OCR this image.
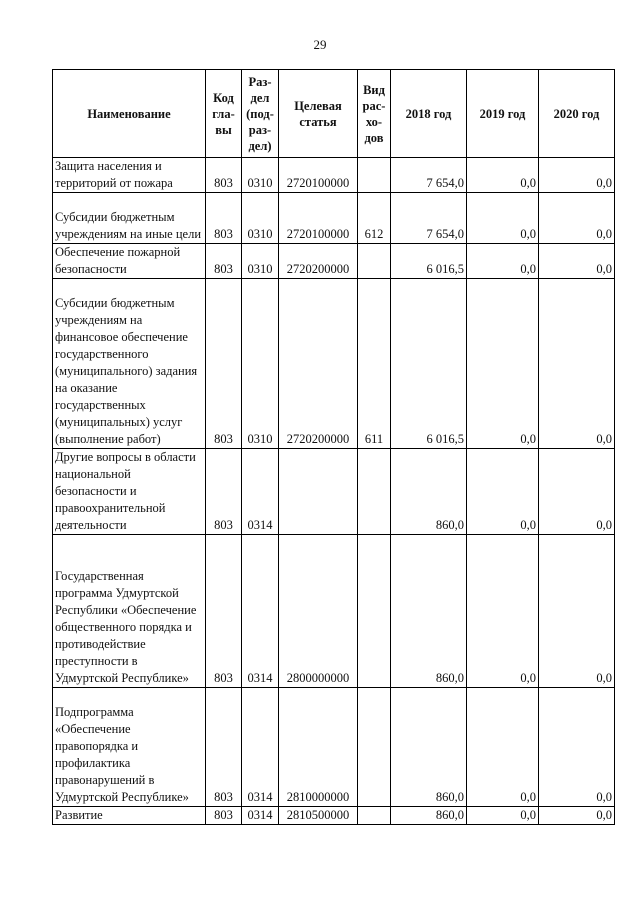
29
Наименование	Код гла-вы	Раз-дел (под-раз-дел)	Целевая статья	Вид рас-хо-дов	2018 год	2019 год	2020 год
Защита населения и территорий от пожара	803	0310	2720100000		7 654,0	0,0	0,0
Субсидии бюджетным учреждениям на иные цели	803	0310	2720100000	612	7 654,0	0,0	0,0
Обеспечение пожарной безопасности	803	0310	2720200000		6 016,5	0,0	0,0
Субсидии бюджетным учреждениям на финансовое обеспечение государственного (муниципального) задания на оказание государственных (муниципальных) услуг (выполнение работ)	803	0310	2720200000	611	6 016,5	0,0	0,0
Другие вопросы в области национальной безопасности и правоохранительной деятельности	803	0314			860,0	0,0	0,0
Государственная программа Удмуртской Республики «Обеспечение общественного порядка и противодействие преступности в Удмуртской Республике»	803	0314	2800000000		860,0	0,0	0,0
Подпрограмма «Обеспечение правопорядка и профилактика правонарушений в Удмуртской Республике»	803	0314	2810000000		860,0	0,0	0,0
Развитие	803	0314	2810500000		860,0	0,0	0,0
